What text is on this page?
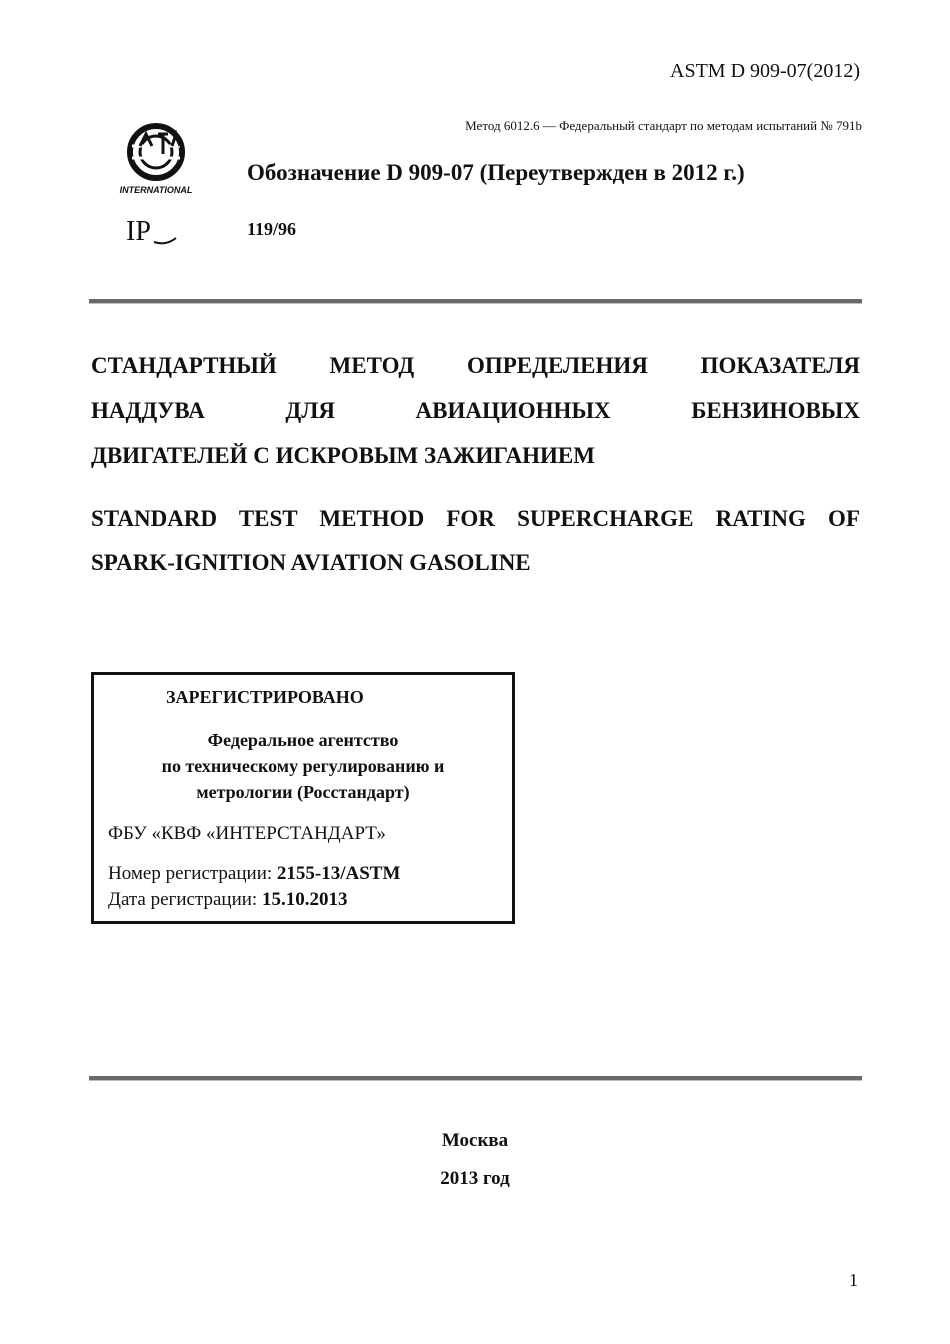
ASTM D 909-07(2012)
Метод 6012.6 — Федеральный стандарт по методам испытаний № 791b
INTERNATIONAL
Обозначение D 909-07 (Переутвержден в 2012 г.)
IP	119/96
СТАНДАРТНЫЙ МЕТОД ОПРЕДЕЛЕНИЯ ПОКАЗАТЕЛЯ
НАДДУВА ДЛЯ АВИАЦИОННЫХ БЕНЗИНОВЫХ
ДВИГАТЕЛЕЙ С ИСКРОВЫМ ЗАЖИГАНИЕМ
STANDARD TEST METHOD FOR SUPERCHARGE RATING OF
SPARK-IGNITION AVIATION GASOLINE
ЗАРЕГИСТРИРОВАНО
Федеральное агентство
по техническому регулированию и
метрологии (Росстандарт)
ФБУ «КВФ «ИНТЕРСТАНДАРТ»
Номер регистрации: 2155-13/ASTM
Дата регистрации: 15.10.2013
Москва
2013 год
1
